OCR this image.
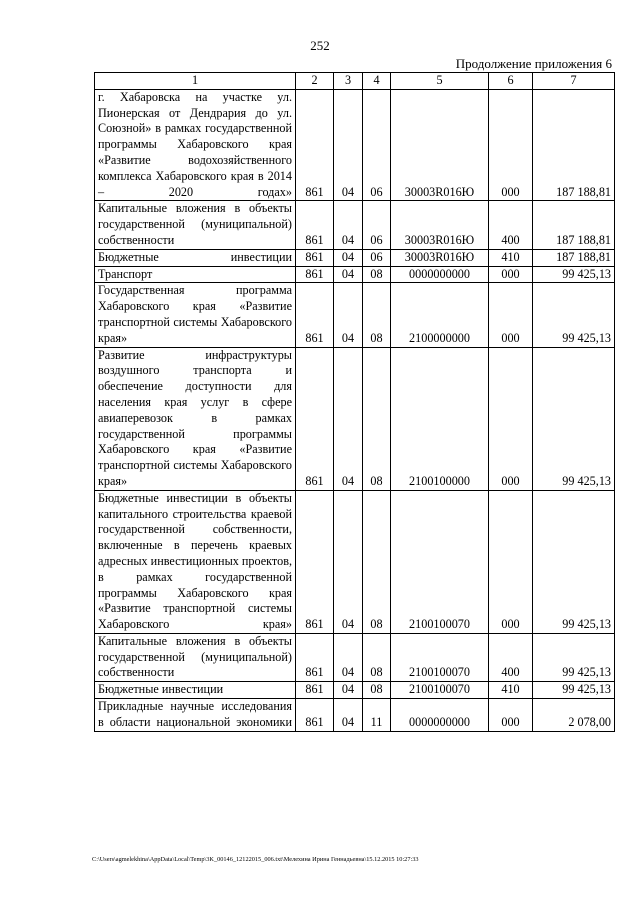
252
Продолжение приложения 6
1	2	3	4	5	6	7
г. Хабаровска на участке ул. Пионерская от Дендрария до ул. Союзной» в рамках государственной программы Хабаровского края «Развитие водохозяйственного комплекса Хабаровского края в 2014 – 2020 годах»	861	04	06	30003R016Ю	000	187 188,81
Капитальные вложения в объекты государственной (муниципальной) собственности	861	04	06	30003R016Ю	400	187 188,81
Бюджетные инвестиции	861	04	06	30003R016Ю	410	187 188,81
Транспорт	861	04	08	0000000000	000	99 425,13
Государственная программа Хабаровского края «Развитие транспортной системы Хабаровского края»	861	04	08	2100000000	000	99 425,13
Развитие инфраструктуры воздушного транспорта и обеспечение доступности для населения края услуг в сфере авиаперевозок в рамках государственной программы Хабаровского края «Развитие транспортной системы Хабаровского края»	861	04	08	2100100000	000	99 425,13
Бюджетные инвестиции в объекты капитального строительства краевой государственной собственности, включенные в перечень краевых адресных инвестиционных проектов, в рамках государственной программы Хабаровского края «Развитие транспортной системы Хабаровского края»	861	04	08	2100100070	000	99 425,13
Капитальные вложения в объекты государственной (муниципальной) собственности	861	04	08	2100100070	400	99 425,13
Бюджетные инвестиции	861	04	08	2100100070	410	99 425,13
Прикладные научные исследования в области национальной экономики	861	04	11	0000000000	000	2 078,00
C:\Users\agmelekhina\AppData\Local\Temp\3K_00146_12122015_006.txt\Мелехина Ирина Геннадьевна\15.12.2015 10:27:33
